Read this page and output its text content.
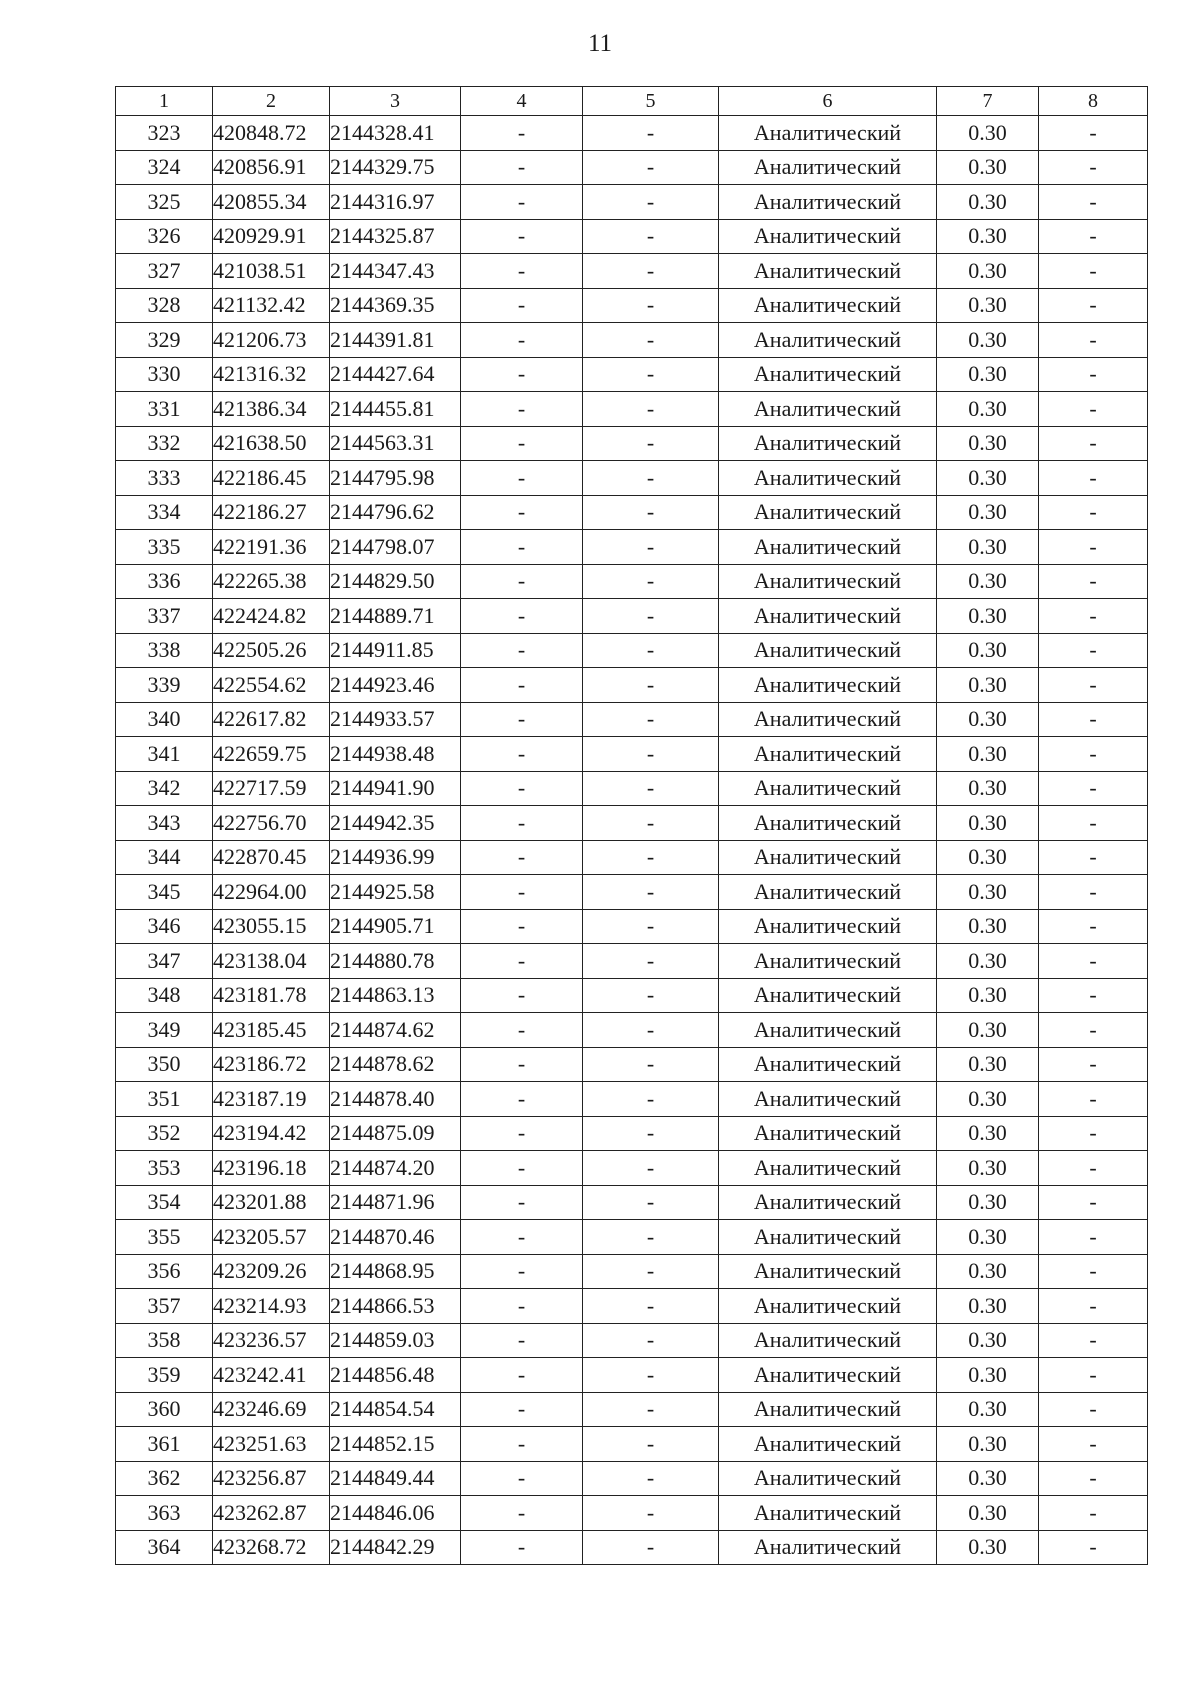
11
1	2	3	4	5	6	7	8
323	420848.72	2144328.41	-	-	Аналитический	0.30	-
324	420856.91	2144329.75	-	-	Аналитический	0.30	-
325	420855.34	2144316.97	-	-	Аналитический	0.30	-
326	420929.91	2144325.87	-	-	Аналитический	0.30	-
327	421038.51	2144347.43	-	-	Аналитический	0.30	-
328	421132.42	2144369.35	-	-	Аналитический	0.30	-
329	421206.73	2144391.81	-	-	Аналитический	0.30	-
330	421316.32	2144427.64	-	-	Аналитический	0.30	-
331	421386.34	2144455.81	-	-	Аналитический	0.30	-
332	421638.50	2144563.31	-	-	Аналитический	0.30	-
333	422186.45	2144795.98	-	-	Аналитический	0.30	-
334	422186.27	2144796.62	-	-	Аналитический	0.30	-
335	422191.36	2144798.07	-	-	Аналитический	0.30	-
336	422265.38	2144829.50	-	-	Аналитический	0.30	-
337	422424.82	2144889.71	-	-	Аналитический	0.30	-
338	422505.26	2144911.85	-	-	Аналитический	0.30	-
339	422554.62	2144923.46	-	-	Аналитический	0.30	-
340	422617.82	2144933.57	-	-	Аналитический	0.30	-
341	422659.75	2144938.48	-	-	Аналитический	0.30	-
342	422717.59	2144941.90	-	-	Аналитический	0.30	-
343	422756.70	2144942.35	-	-	Аналитический	0.30	-
344	422870.45	2144936.99	-	-	Аналитический	0.30	-
345	422964.00	2144925.58	-	-	Аналитический	0.30	-
346	423055.15	2144905.71	-	-	Аналитический	0.30	-
347	423138.04	2144880.78	-	-	Аналитический	0.30	-
348	423181.78	2144863.13	-	-	Аналитический	0.30	-
349	423185.45	2144874.62	-	-	Аналитический	0.30	-
350	423186.72	2144878.62	-	-	Аналитический	0.30	-
351	423187.19	2144878.40	-	-	Аналитический	0.30	-
352	423194.42	2144875.09	-	-	Аналитический	0.30	-
353	423196.18	2144874.20	-	-	Аналитический	0.30	-
354	423201.88	2144871.96	-	-	Аналитический	0.30	-
355	423205.57	2144870.46	-	-	Аналитический	0.30	-
356	423209.26	2144868.95	-	-	Аналитический	0.30	-
357	423214.93	2144866.53	-	-	Аналитический	0.30	-
358	423236.57	2144859.03	-	-	Аналитический	0.30	-
359	423242.41	2144856.48	-	-	Аналитический	0.30	-
360	423246.69	2144854.54	-	-	Аналитический	0.30	-
361	423251.63	2144852.15	-	-	Аналитический	0.30	-
362	423256.87	2144849.44	-	-	Аналитический	0.30	-
363	423262.87	2144846.06	-	-	Аналитический	0.30	-
364	423268.72	2144842.29	-	-	Аналитический	0.30	-
